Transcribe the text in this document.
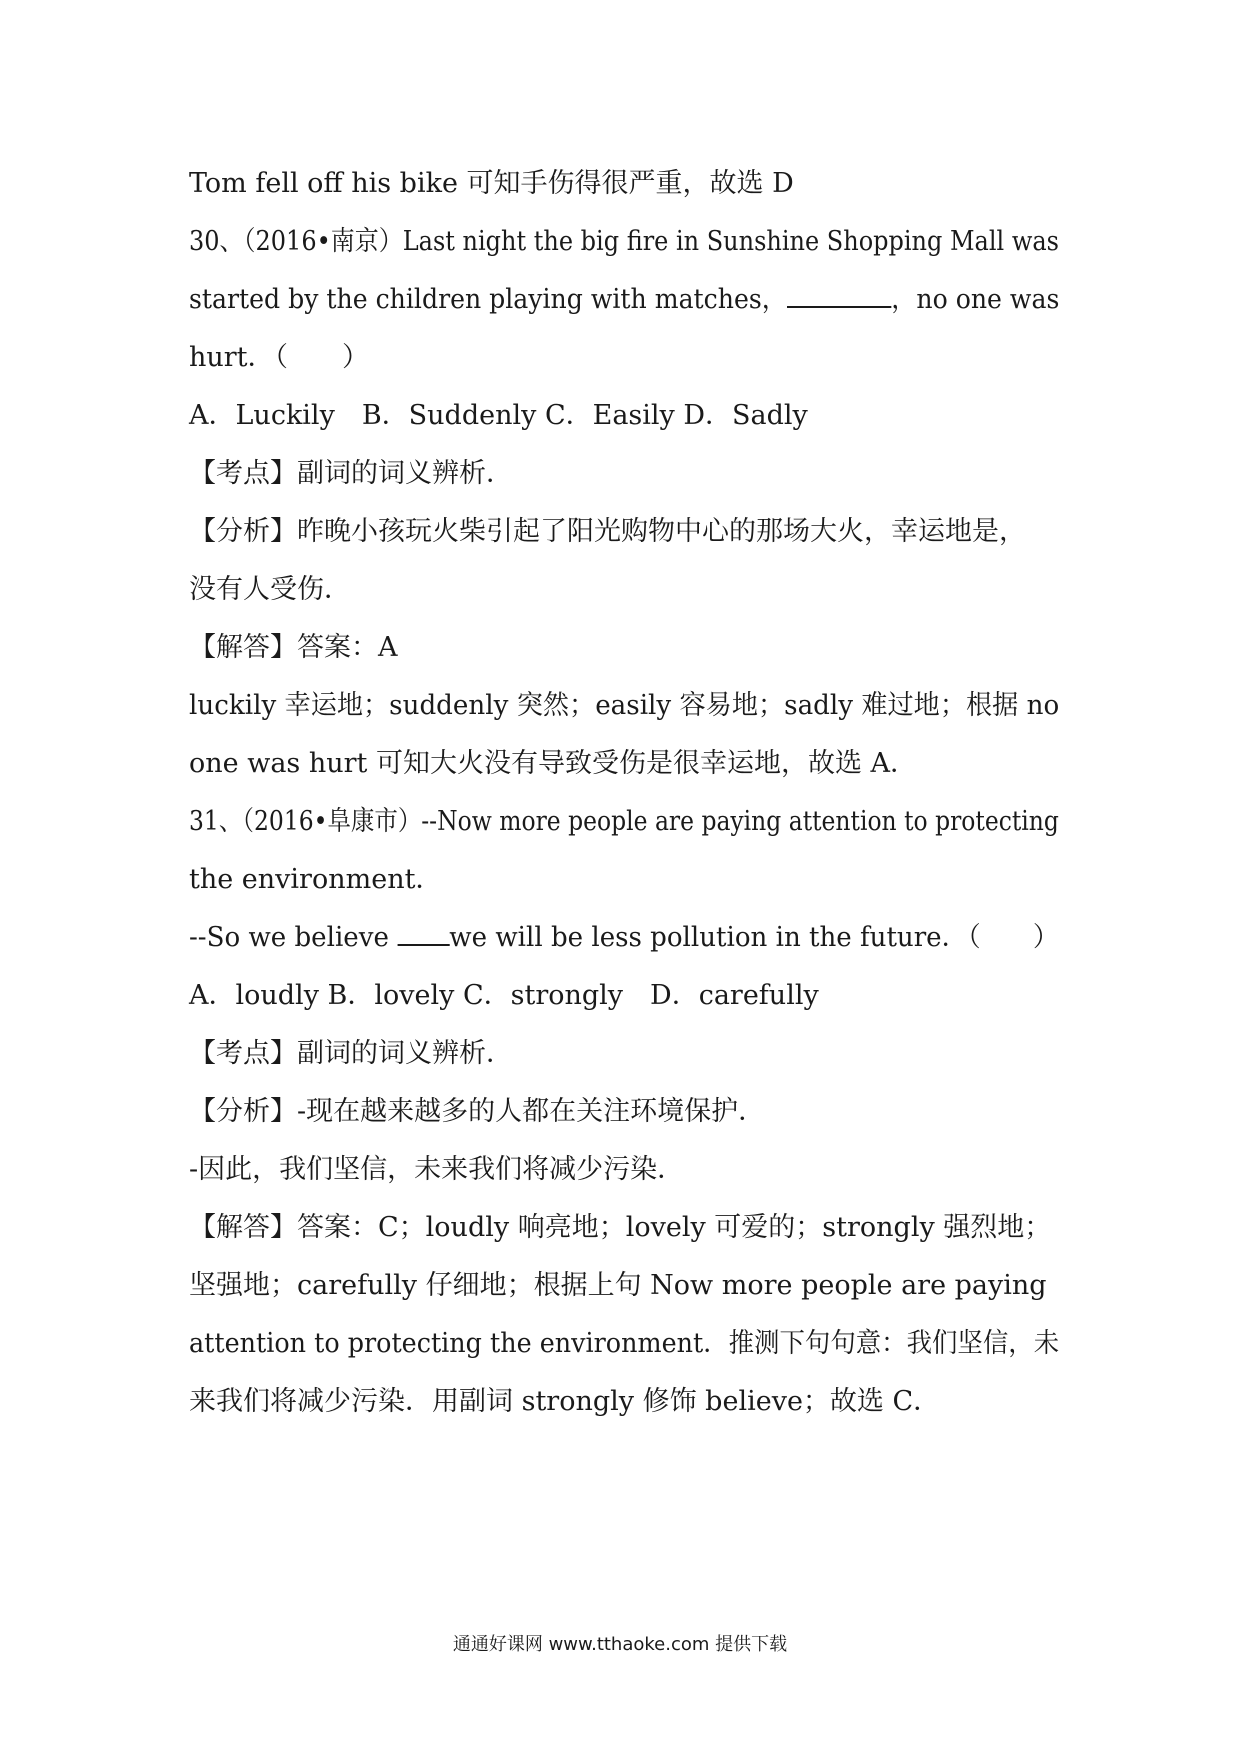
Tom fell off his bike 可知手伤得很严重，故选 D
30、（2016•南京）Last night the big fire in Sunshine Shopping Mall was
started by the children playing with matches，	，no one was
hurt．（　　）
A．Luckily　B．Suddenly C．Easily D．Sadly
【考点】副词的词义辨析．
【分析】昨晚小孩玩火柴引起了阳光购物中心的那场大火，幸运地是，
没有人受伤．
【解答】答案：A
luckily 幸运地；suddenly 突然；easily 容易地；sadly 难过地；根据 no
one was hurt 可知大火没有导致受伤是很幸运地，故选 A．
31、（2016•阜康市）--Now more people are paying attention to protecting
the environment．
--So we believe we will be less pollution in the future．（　　）
A．loudly B．lovely C．strongly　D．carefully
【考点】副词的词义辨析．
【分析】-现在越来越多的人都在关注环境保护．
-因此，我们坚信，未来我们将减少污染．
【解答】答案：C；loudly 响亮地；lovely 可爱的；strongly 强烈地；
坚强地；carefully 仔细地；根据上句 Now more people are paying
attention to protecting the environment．推测下句句意：我们坚信，未
来我们将减少污染．用副词 strongly 修饰 believe；故选 C．
通通好课网 www.tthaoke.com 提供下载
